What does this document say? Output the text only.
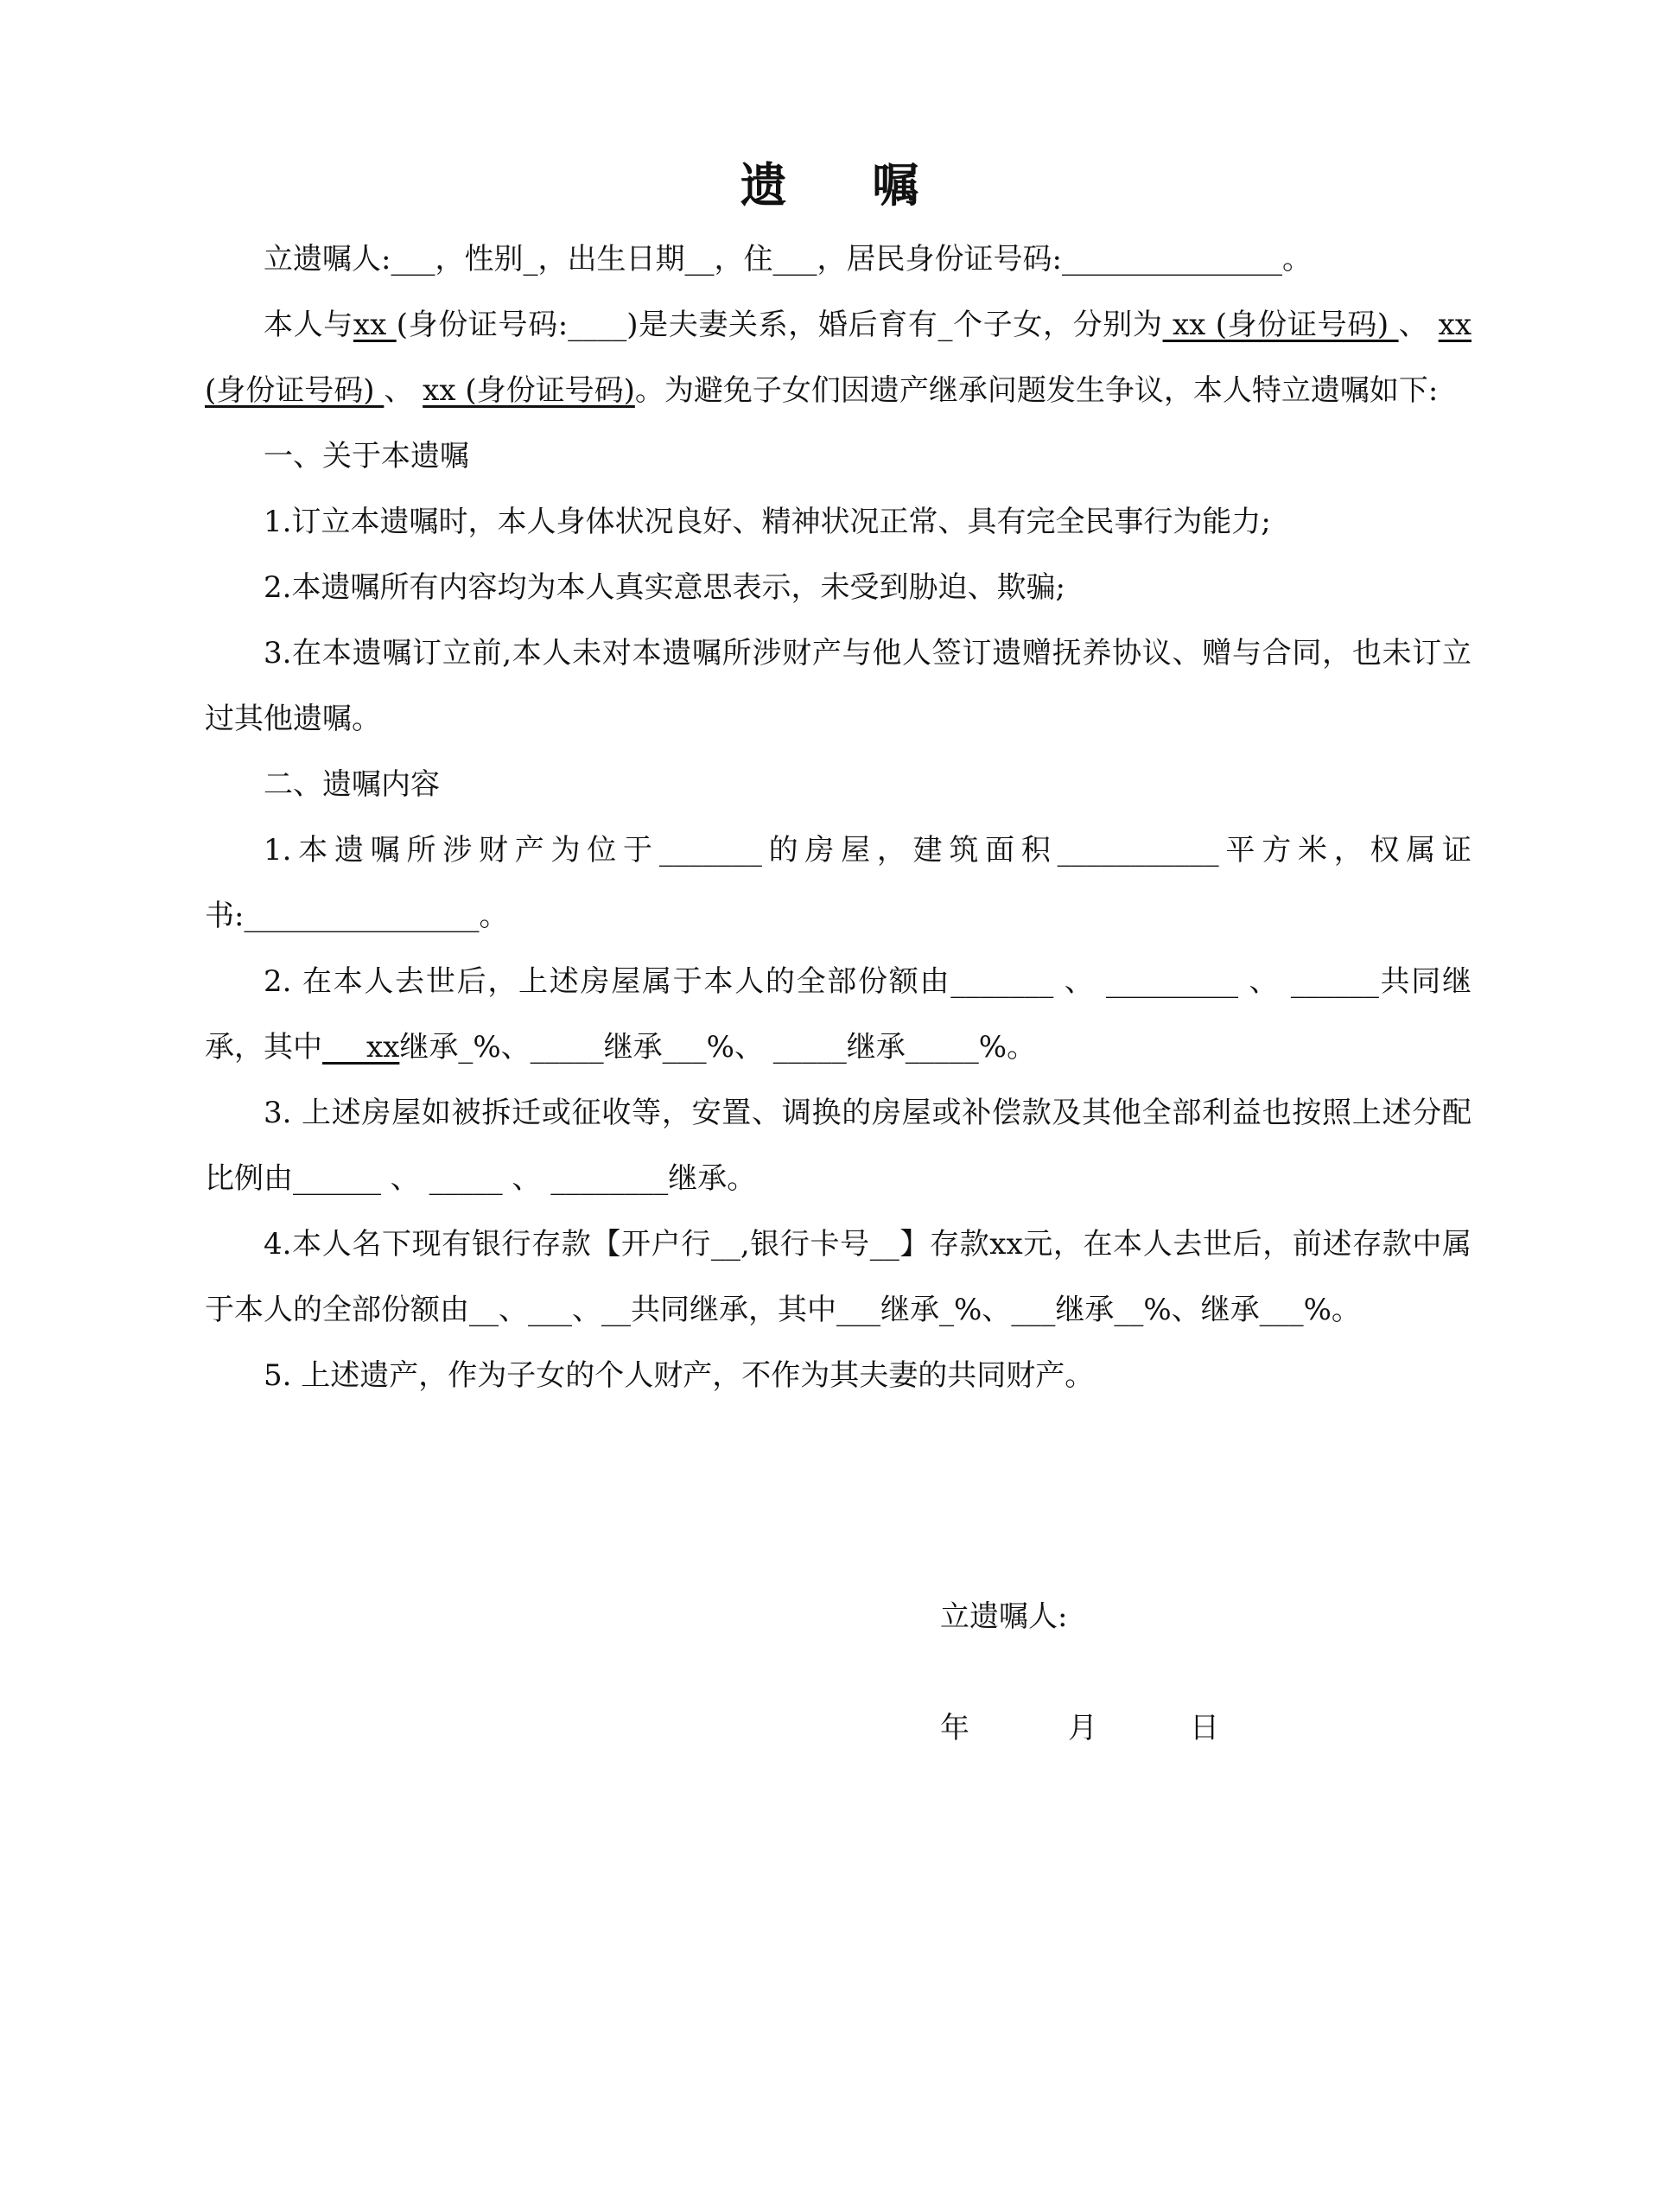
遗 嘱

立遗嘱人:___，性别_，出生日期__，住___，居民身份证号码:_______________。

本人与xx (身份证号码:____)是夫妻关系，婚后育有_个子女，分别为 xx (身份证号码) 、 xx (身份证号码) 、 xx (身份证号码)。为避免子女们因遗产继承问题发生争议，本人特立遗嘱如下:

一、关于本遗嘱

1.订立本遗嘱时，本人身体状况良好、精神状况正常、具有完全民事行为能力;

2.本遗嘱所有内容均为本人真实意思表示，未受到胁迫、欺骗;

3.在本遗嘱订立前,本人未对本遗嘱所涉财产与他人签订遗赠抚养协议、赠与合同，也未订立过其他遗嘱。

二、遗嘱内容

1.本遗嘱所涉财产为位于_______的房屋，建筑面积___________平方米，权属证书:________________。

2. 在本人去世后，上述房屋属于本人的全部份额由_______ 、 _________ 、 ______共同继承，其中___xx继承_%、_____继承___%、 _____继承_____%。

3. 上述房屋如被拆迁或征收等，安置、调换的房屋或补偿款及其他全部利益也按照上述分配比例由______ 、 _____ 、 ________继承。

4.本人名下现有银行存款【开户行__,银行卡号__】存款xx元，在本人去世后，前述存款中属于本人的全部份额由__、___、__共同继承，其中___继承_%、___继承__%、继承___%。

5. 上述遗产，作为子女的个人财产，不作为其夫妻的共同财产。

立遗嘱人:
年	月	日
